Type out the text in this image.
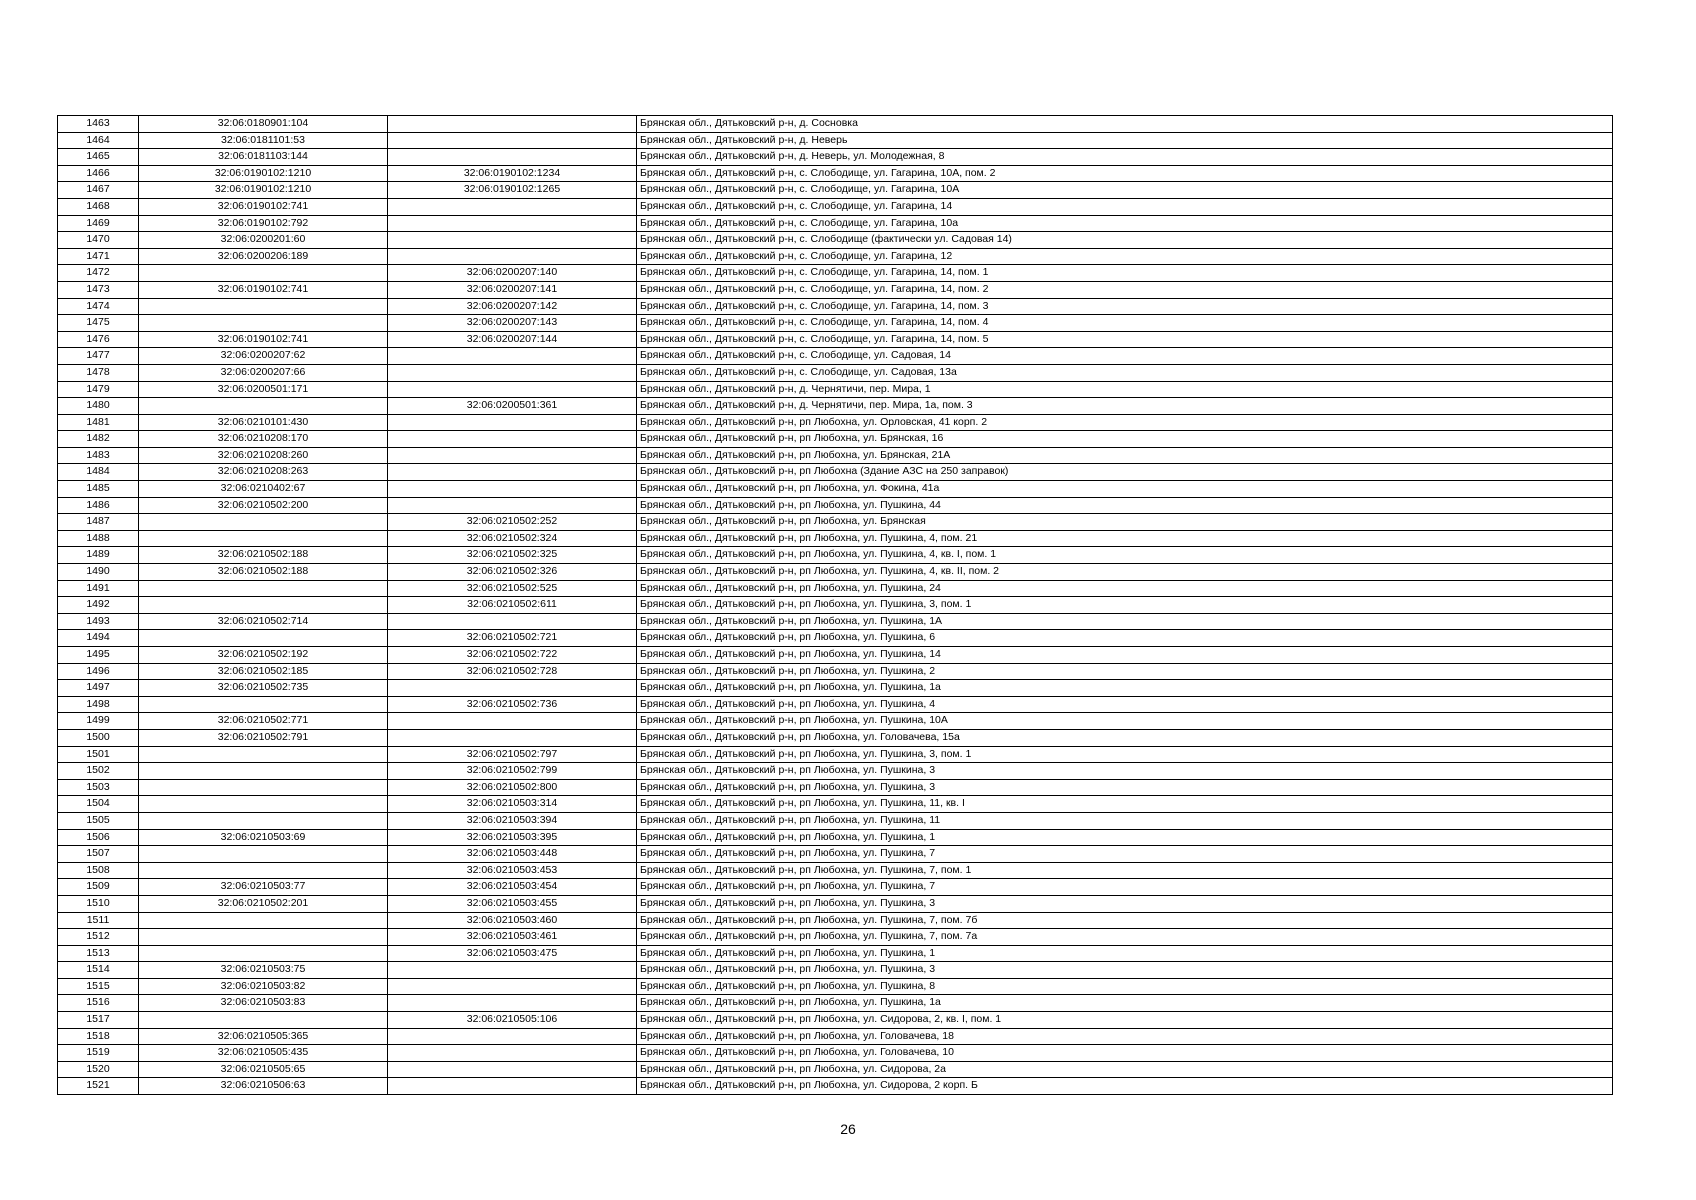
1463	32:06:0180901:104		Брянская обл., Дятьковский р-н, д. Сосновка
1464	32:06:0181101:53		Брянская обл., Дятьковский р-н, д. Неверь
1465	32:06:0181103:144		Брянская обл., Дятьковский р-н, д. Неверь, ул. Молодежная, 8
1466	32:06:0190102:1210	32:06:0190102:1234	Брянская обл., Дятьковский р-н, с. Слободище, ул. Гагарина, 10А, пом. 2
1467	32:06:0190102:1210	32:06:0190102:1265	Брянская обл., Дятьковский р-н, с. Слободище, ул. Гагарина, 10А
1468	32:06:0190102:741		Брянская обл., Дятьковский р-н, с. Слободище, ул. Гагарина, 14
1469	32:06:0190102:792		Брянская обл., Дятьковский р-н, с. Слободище, ул. Гагарина, 10а
1470	32:06:0200201:60		Брянская обл., Дятьковский р-н, с. Слободище (фактически ул. Садовая 14)
1471	32:06:0200206:189		Брянская обл., Дятьковский р-н, с. Слободище, ул. Гагарина, 12
1472		32:06:0200207:140	Брянская обл., Дятьковский р-н, с. Слободище, ул. Гагарина, 14, пом. 1
1473	32:06:0190102:741	32:06:0200207:141	Брянская обл., Дятьковский р-н, с. Слободище, ул. Гагарина, 14, пом. 2
1474		32:06:0200207:142	Брянская обл., Дятьковский р-н, с. Слободище, ул. Гагарина, 14, пом. 3
1475		32:06:0200207:143	Брянская обл., Дятьковский р-н, с. Слободище, ул. Гагарина, 14, пом. 4
1476	32:06:0190102:741	32:06:0200207:144	Брянская обл., Дятьковский р-н, с. Слободище, ул. Гагарина, 14, пом. 5
1477	32:06:0200207:62		Брянская обл., Дятьковский р-н, с. Слободище, ул. Садовая, 14
1478	32:06:0200207:66		Брянская обл., Дятьковский р-н, с. Слободище, ул. Садовая, 13а
1479	32:06:0200501:171		Брянская обл., Дятьковский р-н, д. Чернятичи, пер. Мира, 1
1480		32:06:0200501:361	Брянская обл., Дятьковский р-н, д. Чернятичи, пер. Мира, 1а, пом. 3
1481	32:06:0210101:430		Брянская обл., Дятьковский р-н, рп Любохна, ул. Орловская, 41 корп. 2
1482	32:06:0210208:170		Брянская обл., Дятьковский р-н, рп Любохна, ул. Брянская, 16
1483	32:06:0210208:260		Брянская обл., Дятьковский р-н, рп Любохна, ул. Брянская, 21А
1484	32:06:0210208:263		Брянская обл., Дятьковский р-н, рп Любохна (Здание АЗС на 250 заправок)
1485	32:06:0210402:67		Брянская обл., Дятьковский р-н, рп Любохна, ул. Фокина, 41а
1486	32:06:0210502:200		Брянская обл., Дятьковский р-н, рп Любохна, ул. Пушкина, 44
1487		32:06:0210502:252	Брянская обл., Дятьковский р-н, рп Любохна, ул. Брянская
1488		32:06:0210502:324	Брянская обл., Дятьковский р-н, рп Любохна, ул. Пушкина, 4, пом. 21
1489	32:06:0210502:188	32:06:0210502:325	Брянская обл., Дятьковский р-н, рп Любохна, ул. Пушкина, 4, кв. I, пом. 1
1490	32:06:0210502:188	32:06:0210502:326	Брянская обл., Дятьковский р-н, рп Любохна, ул. Пушкина, 4, кв. II, пом. 2
1491		32:06:0210502:525	Брянская обл., Дятьковский р-н, рп Любохна, ул. Пушкина, 24
1492		32:06:0210502:611	Брянская обл., Дятьковский р-н, рп Любохна, ул. Пушкина, 3, пом. 1
1493	32:06:0210502:714		Брянская обл., Дятьковский р-н, рп Любохна, ул. Пушкина, 1А
1494		32:06:0210502:721	Брянская обл., Дятьковский р-н, рп Любохна, ул. Пушкина, 6
1495	32:06:0210502:192	32:06:0210502:722	Брянская обл., Дятьковский р-н, рп Любохна, ул. Пушкина, 14
1496	32:06:0210502:185	32:06:0210502:728	Брянская обл., Дятьковский р-н, рп Любохна, ул. Пушкина, 2
1497	32:06:0210502:735		Брянская обл., Дятьковский р-н, рп Любохна, ул. Пушкина, 1а
1498		32:06:0210502:736	Брянская обл., Дятьковский р-н, рп Любохна, ул. Пушкина, 4
1499	32:06:0210502:771		Брянская обл., Дятьковский р-н, рп Любохна, ул. Пушкина, 10А
1500	32:06:0210502:791		Брянская обл., Дятьковский р-н, рп Любохна, ул. Головачева, 15а
1501		32:06:0210502:797	Брянская обл., Дятьковский р-н, рп Любохна, ул. Пушкина, 3, пом. 1
1502		32:06:0210502:799	Брянская обл., Дятьковский р-н, рп Любохна, ул. Пушкина, 3
1503		32:06:0210502:800	Брянская обл., Дятьковский р-н, рп Любохна, ул. Пушкина, 3
1504		32:06:0210503:314	Брянская обл., Дятьковский р-н, рп Любохна, ул. Пушкина, 11, кв. I
1505		32:06:0210503:394	Брянская обл., Дятьковский р-н, рп Любохна, ул. Пушкина, 11
1506	32:06:0210503:69	32:06:0210503:395	Брянская обл., Дятьковский р-н, рп Любохна, ул. Пушкина, 1
1507		32:06:0210503:448	Брянская обл., Дятьковский р-н, рп Любохна, ул. Пушкина, 7
1508		32:06:0210503:453	Брянская обл., Дятьковский р-н, рп Любохна, ул. Пушкина, 7, пом. 1
1509	32:06:0210503:77	32:06:0210503:454	Брянская обл., Дятьковский р-н, рп Любохна, ул. Пушкина, 7
1510	32:06:0210502:201	32:06:0210503:455	Брянская обл., Дятьковский р-н, рп Любохна, ул. Пушкина, 3
1511		32:06:0210503:460	Брянская обл., Дятьковский р-н, рп Любохна, ул. Пушкина, 7, пом. 7б
1512		32:06:0210503:461	Брянская обл., Дятьковский р-н, рп Любохна, ул. Пушкина, 7, пом. 7а
1513		32:06:0210503:475	Брянская обл., Дятьковский р-н, рп Любохна, ул. Пушкина, 1
1514	32:06:0210503:75		Брянская обл., Дятьковский р-н, рп Любохна, ул. Пушкина, 3
1515	32:06:0210503:82		Брянская обл., Дятьковский р-н, рп Любохна, ул. Пушкина, 8
1516	32:06:0210503:83		Брянская обл., Дятьковский р-н, рп Любохна, ул. Пушкина, 1а
1517		32:06:0210505:106	Брянская обл., Дятьковский р-н, рп Любохна, ул. Сидорова, 2, кв. I, пом. 1
1518	32:06:0210505:365		Брянская обл., Дятьковский р-н, рп Любохна, ул. Головачева, 18
1519	32:06:0210505:435		Брянская обл., Дятьковский р-н, рп Любохна, ул. Головачева, 10
1520	32:06:0210505:65		Брянская обл., Дятьковский р-н, рп Любохна, ул. Сидорова, 2а
1521	32:06:0210506:63		Брянская обл., Дятьковский р-н, рп Любохна, ул. Сидорова, 2 корп. Б
26
